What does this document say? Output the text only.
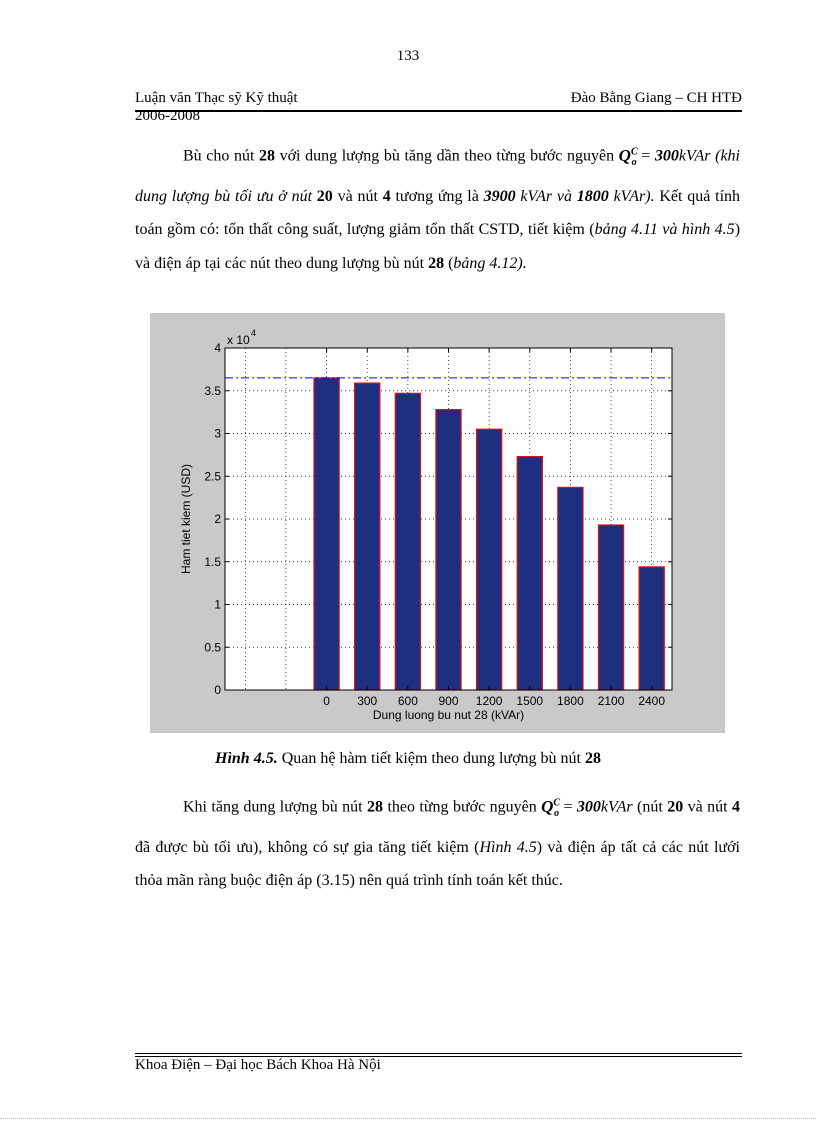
133
Luận văn Thạc sỹ Kỹ thuật
2006-2008
Đào Bằng Giang – CH HTĐ

Bù cho nút 28 với dung lượng bù tăng dần theo từng bước nguyên $Q^C_o$ = 300kVAr (khi dung lượng bù tối ưu ở nút 20 và nút 4 tương ứng là 3900 kVAr và 1800 kVAr). Kết quả tính toán gồm có: tổn thất công suất, lượng giảm tổn thất CSTD, tiết kiệm (bảng 4.11 và hình 4.5) và điện áp tại các nút theo dung lượng bù nút 28 (bảng 4.12).

0
0.5
1
1.5
2
2.5
3
3.5
4
0 300 600 900 1200 1500 1800 2100 2400
x 10 4
Dung luong bu nut 28 (kVAr)
Ham tiet kiem (USD)
Hình 4.5. Quan hệ hàm tiết kiệm theo dung lượng bù nút 28

Khi tăng dung lượng bù nút 28 theo từng bước nguyên $Q^C_o$ = 300kVAr (nút 20 và nút 4 đã được bù tối ưu), không có sự gia tăng tiết kiệm (Hình 4.5) và điện áp tất cả các nút lưới thỏa mãn ràng buộc điện áp (3.15) nên quá trình tính toán kết thúc.

Khoa Điện – Đại học Bách Khoa Hà Nội
